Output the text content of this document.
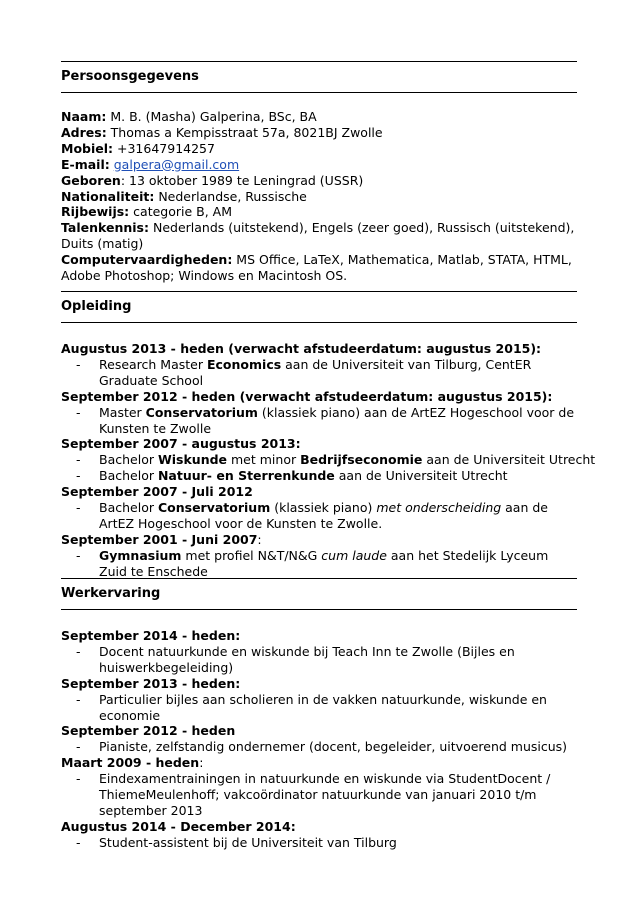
Persoonsgegevens
Naam: M. B. (Masha) Galperina, BSc, BA
Adres: Thomas a Kempisstraat 57a, 8021BJ Zwolle
Mobiel: +31647914257
E-mail: galpera@gmail.com
Geboren: 13 oktober 1989 te Leningrad (USSR)
Nationaliteit: Nederlandse, Russische
Rijbewijs: categorie B, AM
Talenkennis: Nederlands (uitstekend), Engels (zeer goed), Russisch (uitstekend), Duits (matig)
Computervaardigheden: MS Office, LaTeX, Mathematica, Matlab, STATA, HTML, Adobe Photoshop; Windows en Macintosh OS.
Opleiding
Augustus 2013 - heden (verwacht afstudeerdatum: augustus 2015):
- Research Master Economics aan de Universiteit van Tilburg, CentER Graduate School
September 2012 - heden (verwacht afstudeerdatum: augustus 2015):
- Master Conservatorium (klassiek piano) aan de ArtEZ Hogeschool voor de Kunsten te Zwolle
September 2007 - augustus 2013:
- Bachelor Wiskunde met minor Bedrijfseconomie aan de Universiteit Utrecht
- Bachelor Natuur- en Sterrenkunde aan de Universiteit Utrecht
September 2007 - Juli 2012
- Bachelor Conservatorium (klassiek piano) met onderscheiding aan de ArtEZ Hogeschool voor de Kunsten te Zwolle.
September 2001 - Juni 2007:
- Gymnasium met profiel N&T/N&G cum laude aan het Stedelijk Lyceum Zuid te Enschede
Werkervaring
September 2014 - heden:
- Docent natuurkunde en wiskunde bij Teach Inn te Zwolle (Bijles en huiswerkbegeleiding)
September 2013 - heden:
- Particulier bijles aan scholieren in de vakken natuurkunde, wiskunde en economie
September 2012 - heden
- Pianiste, zelfstandig ondernemer (docent, begeleider, uitvoerend musicus)
Maart 2009 - heden:
- Eindexamentrainingen in natuurkunde en wiskunde via StudentDocent / ThiemeMeulenhoff; vakcoördinator natuurkunde van januari 2010 t/m september 2013
Augustus 2014 - December 2014:
- Student-assistent bij de Universiteit van Tilburg
